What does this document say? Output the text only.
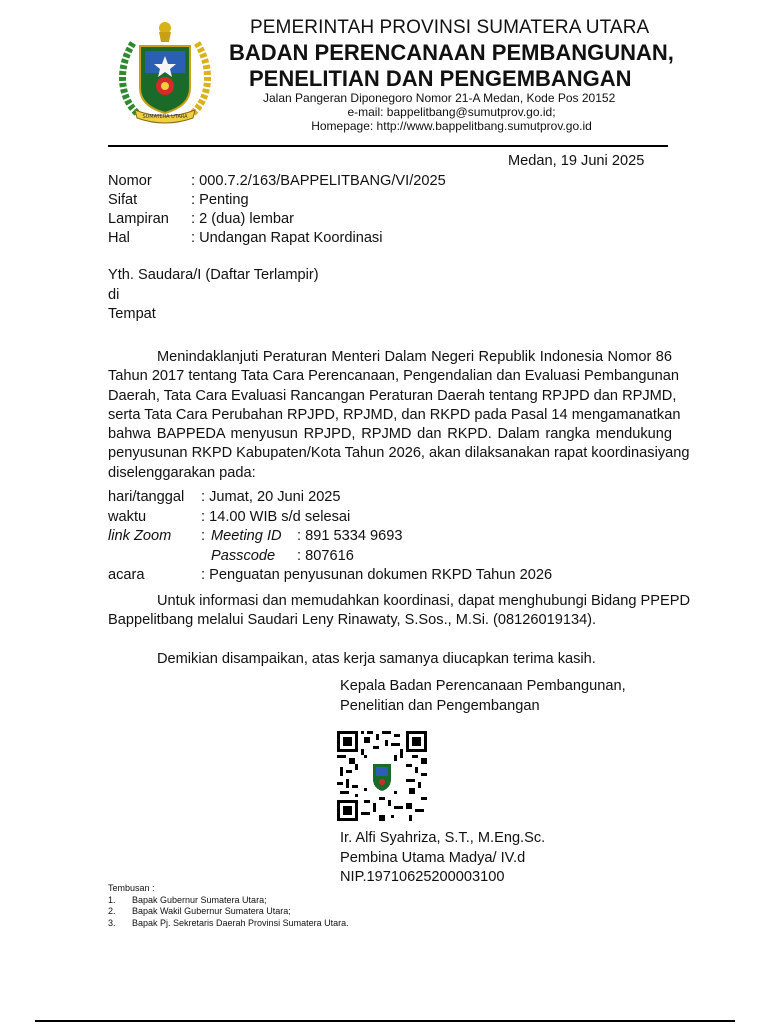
SUMATERA UTARA
PEMERINTAH PROVINSI SUMATERA UTARA
BADAN PERENCANAAN PEMBANGUNAN,
PENELITIAN DAN PENGEMBANGAN
Jalan Pangeran Diponegoro Nomor 21-A Medan, Kode Pos 20152
e-mail: bappelitbang@sumutprov.go.id;
Homepage: http://www.bappelitbang.sumutprov.go.id
Medan, 19 Juni 2025
Nomor	: 000.7.2/163/BAPPELITBANG/VI/2025
Sifat	: Penting
Lampiran	: 2 (dua) lembar
Hal	: Undangan Rapat Koordinasi
Yth. Saudara/I (Daftar Terlampir)
di
Tempat
Menindaklanjuti Peraturan Menteri Dalam Negeri Republik Indonesia Nomor 86
Tahun 2017 tentang Tata Cara Perencanaan, Pengendalian dan Evaluasi Pembangunan
Daerah, Tata Cara Evaluasi Rancangan Peraturan Daerah tentang RPJPD dan RPJMD,
serta Tata Cara Perubahan RPJPD, RPJMD, dan RKPD pada Pasal 14 mengamanatkan
bahwa BAPPEDA menyusun RPJPD, RPJMD dan RKPD. Dalam rangka mendukung
penyusunan RKPD Kabupaten/Kota Tahun 2026, akan dilaksanakan rapat koordinasiyang
diselenggarakan pada:
hari/tanggal	: Jumat, 20 Juni 2025
waktu	: 14.00 WIB s/d selesai
link Zoom	: Meeting ID	: 891 5334 9693
Passcode	: 807616
acara	: Penguatan penyusunan dokumen RKPD Tahun 2026
Untuk informasi dan memudahkan koordinasi, dapat menghubungi Bidang PPEPD
Bappelitbang melalui Saudari Leny Rinawaty, S.Sos., M.Si. (08126019134).
Demikian disampaikan, atas kerja samanya diucapkan terima kasih.
Kepala Badan Perencanaan Pembangunan,
Penelitian dan Pengembangan
Ir. Alfi Syahriza, S.T., M.Eng.Sc.
Pembina Utama Madya/ IV.d
NIP.19710625200003100
Tembusan :
1.	Bapak Gubernur Sumatera Utara;
2.	Bapak Wakil Gubernur Sumatera Utara;
3.	Bapak Pj. Sekretaris Daerah Provinsi Sumatera Utara.
